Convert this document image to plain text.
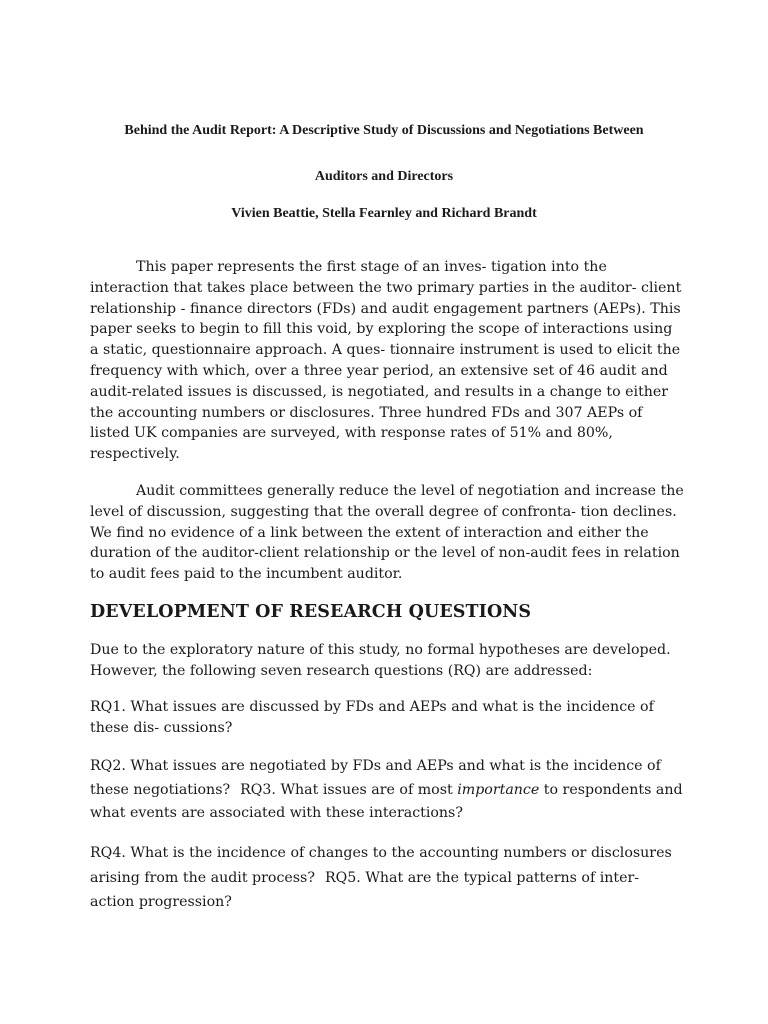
Behind the Audit Report: A Descriptive Study of Discussions and Negotiations Between

Auditors and Directors

Vivien Beattie, Stella Fearnley and Richard Brandt

This paper represents the first stage of an inves- tigation into the interaction that takes place between the two primary parties in the auditor- client relationship - finance directors (FDs) and audit engagement partners (AEPs). This paper seeks to begin to fill this void, by exploring the scope of interactions using a static, questionnaire approach. A ques- tionnaire instrument is used to elicit the frequency with which, over a three year period, an extensive set of 46 audit and audit-related issues is discussed, is negotiated, and results in a change to either the accounting numbers or disclosures. Three hundred FDs and 307 AEPs of listed UK companies are surveyed, with response rates of 51% and 80%, respectively.

Audit committees generally reduce the level of negotiation and increase the level of discussion, suggesting that the overall degree of confronta- tion declines. We find no evidence of a link between the extent of interaction and either the duration of the auditor-client relationship or the level of non-audit fees in relation to audit fees paid to the incumbent auditor.

DEVELOPMENT OF RESEARCH QUESTIONS

Due to the exploratory nature of this study, no formal hypotheses are developed. However, the following seven research questions (RQ) are addressed:

RQ1. What issues are discussed by FDs and AEPs and what is the incidence of these dis- cussions?

RQ2. What issues are negotiated by FDs and AEPs and what is the incidence of these negotiations? RQ3. What issues are of most importance to respondents and what events are associated with these interactions?

RQ4. What is the incidence of changes to the accounting numbers or disclosures arising from the audit process? RQ5. What are the typical patterns of inter- action progression?
